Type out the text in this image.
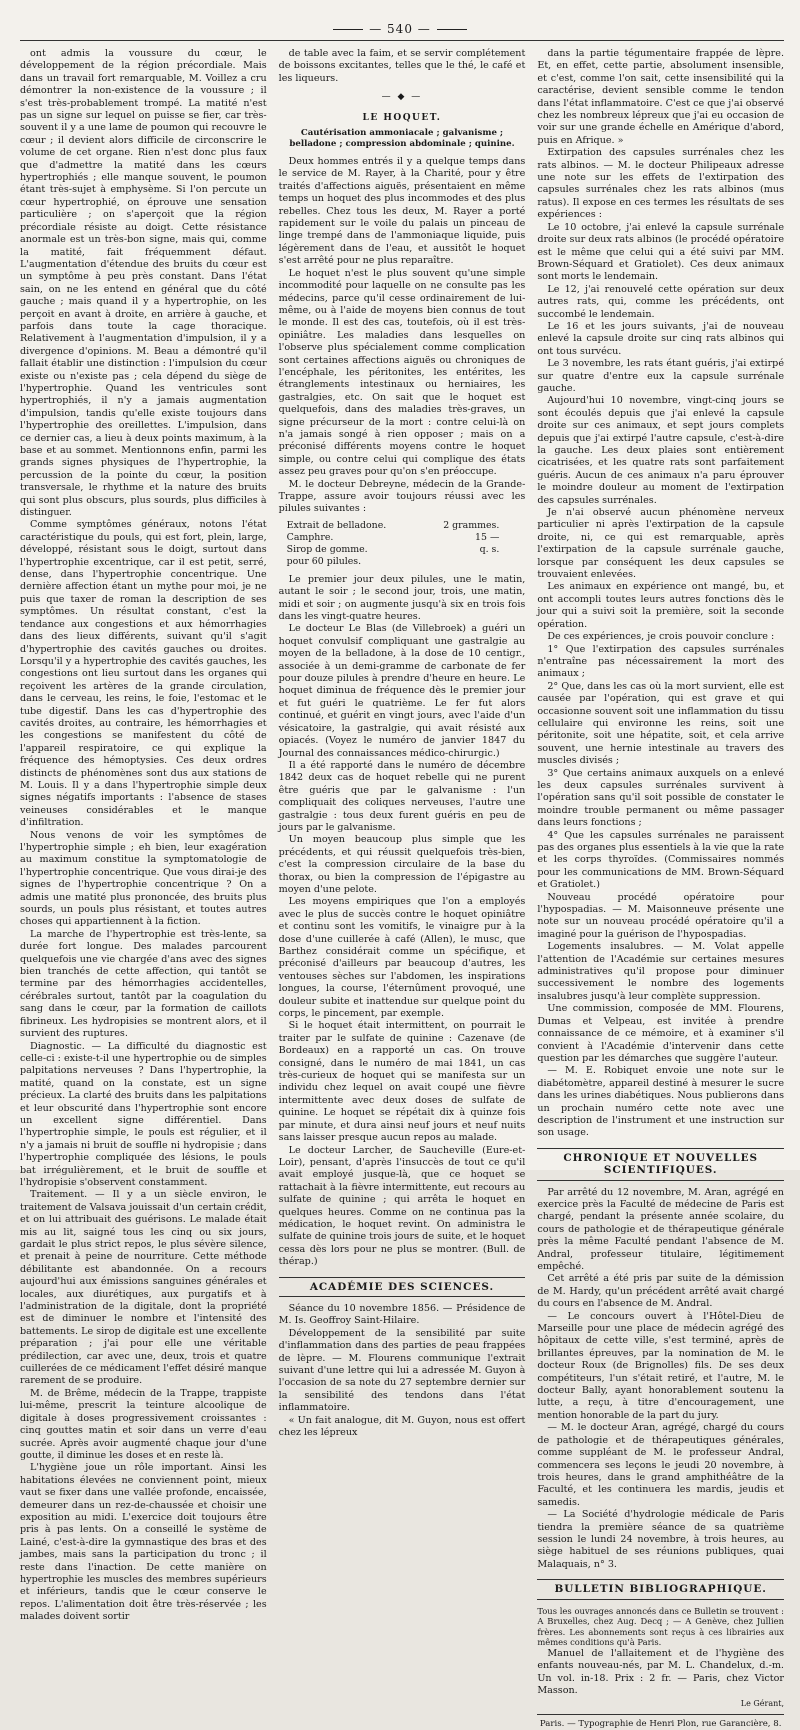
— 540 —

ont admis la voussure du cœur, le développement de la région précordiale. Mais dans un travail fort remarquable, M. Voillez a cru démontrer la non-existence de la voussure ; il s'est très-probablement trompé. La matité n'est pas un signe sur lequel on puisse se fier, car très-souvent il y a une lame de poumon qui recouvre le cœur ; il devient alors difficile de circonscrire le volume de cet organe. Rien n'est donc plus faux que d'admettre la matité dans les cœurs hypertrophiés ; elle manque souvent, le poumon étant très-sujet à emphysème. Si l'on percute un cœur hypertrophié, on éprouve une sensation particulière ; on s'aperçoit que la région précordiale résiste au doigt. Cette résistance anormale est un très-bon signe, mais qui, comme la matité, fait fréquemment défaut. L'augmentation d'étendue des bruits du cœur est un symptôme à peu près constant. Dans l'état sain, on ne les entend en général que du côté gauche ; mais quand il y a hypertrophie, on les perçoit en avant à droite, en arrière à gauche, et parfois dans toute la cage thoracique. Relativement à l'augmentation d'impulsion, il y a divergence d'opinions. M. Beau a démontré qu'il fallait établir une distinction : l'impulsion du cœur existe ou n'existe pas ; cela dépend du siège de l'hypertrophie. Quand les ventricules sont hypertrophiés, il n'y a jamais augmentation d'impulsion, tandis qu'elle existe toujours dans l'hypertrophie des oreillettes. L'impulsion, dans ce dernier cas, a lieu à deux points maximum, à la base et au sommet. Mentionnons enfin, parmi les grands signes physiques de l'hypertrophie, la percussion de la pointe du cœur, la position transversale, le rhythme et la nature des bruits qui sont plus obscurs, plus sourds, plus difficiles à distinguer.

Comme symptômes généraux, notons l'état caractéristique du pouls, qui est fort, plein, large, développé, résistant sous le doigt, surtout dans l'hypertrophie excentrique, car il est petit, serré, dense, dans l'hypertrophie concentrique. Une dernière affection étant un mythe pour moi, je ne puis que taxer de roman la description de ses symptômes. Un résultat constant, c'est la tendance aux congestions et aux hémorrhagies dans des lieux différents, suivant qu'il s'agit d'hypertrophie des cavités gauches ou droites. Lorsqu'il y a hypertrophie des cavités gauches, les congestions ont lieu surtout dans les organes qui reçoivent les artères de la grande circulation, dans le cerveau, les reins, le foie, l'estomac et le tube digestif. Dans les cas d'hypertrophie des cavités droites, au contraire, les hémorrhagies et les congestions se manifestent du côté de l'appareil respiratoire, ce qui explique la fréquence des hémoptysies. Ces deux ordres distincts de phénomènes sont dus aux stations de M. Louis. Il y a dans l'hypertrophie simple deux signes négatifs importants : l'absence de stases veineuses considérables et le manque d'infiltration.

Nous venons de voir les symptômes de l'hypertrophie simple ; eh bien, leur exagération au maximum constitue la symptomatologie de l'hypertrophie concentrique. Que vous dirai-je des signes de l'hypertrophie concentrique ? On a admis une matité plus prononcée, des bruits plus sourds, un pouls plus résistant, et toutes autres choses qui appartiennent à la fiction.

La marche de l'hypertrophie est très-lente, sa durée fort longue. Des malades parcourent quelquefois une vie chargée d'ans avec des signes bien tranchés de cette affection, qui tantôt se termine par des hémorrhagies accidentelles, cérébrales surtout, tantôt par la coagulation du sang dans le cœur, par la formation de caillots fibrineux. Les hydropisies se montrent alors, et il survient des ruptures.

Diagnostic. — La difficulté du diagnostic est celle-ci : existe-t-il une hypertrophie ou de simples palpitations nerveuses ? Dans l'hypertrophie, la matité, quand on la constate, est un signe précieux. La clarté des bruits dans les palpitations et leur obscurité dans l'hypertrophie sont encore un excellent signe différentiel. Dans l'hypertrophie simple, le pouls est régulier, et il n'y a jamais ni bruit de souffle ni hydropisie ; dans l'hypertrophie compliquée des lésions, le pouls bat irrégulièrement, et le bruit de souffle et l'hydropisie s'observent constamment.

Traitement. — Il y a un siècle environ, le traitement de Valsava jouissait d'un certain crédit, et on lui attribuait des guérisons. Le malade était mis au lit, saigné tous les cinq ou six jours, gardait le plus strict repos, le plus sévère silence, et prenait à peine de nourriture. Cette méthode débilitante est abandonnée. On a recours aujourd'hui aux émissions sanguines générales et locales, aux diurétiques, aux purgatifs et à l'administration de la digitale, dont la propriété est de diminuer le nombre et l'intensité des battements. Le sirop de digitale est une excellente préparation ; j'ai pour elle une véritable prédilection, car avec une, deux, trois et quatre cuillerées de ce médicament l'effet désiré manque rarement de se produire.

M. de Brême, médecin de la Trappe, trappiste lui-même, prescrit la teinture alcoolique de digitale à doses progressivement croissantes : cinq gouttes matin et soir dans un verre d'eau sucrée. Après avoir augmenté chaque jour d'une goutte, il diminue les doses et en reste là.

L'hygiène joue un rôle important. Ainsi les habitations élevées ne conviennent point, mieux vaut se fixer dans une vallée profonde, encaissée, demeurer dans un rez-de-chaussée et choisir une exposition au midi. L'exercice doit toujours être pris à pas lents. On a conseillé le système de Lainé, c'est-à-dire la gymnastique des bras et des jambes, mais sans la participation du tronc ; il reste dans l'inaction. De cette manière on hypertrophie les muscles des membres supérieurs et inférieurs, tandis que le cœur conserve le repos. L'alimentation doit être très-réservée ; les malades doivent sortir

de table avec la faim, et se servir complétement de boissons excitantes, telles que le thé, le café et les liqueurs.

— ◆ —
LE HOQUET.
Cautérisation ammoniacale ; galvanisme ; belladone ; compression abdominale ; quinine.

Deux hommes entrés il y a quelque temps dans le service de M. Rayer, à la Charité, pour y être traités d'affections aiguës, présentaient en même temps un hoquet des plus incommodes et des plus rebelles. Chez tous les deux, M. Rayer a porté rapidement sur le voile du palais un pinceau de linge trempé dans de l'ammoniaque liquide, puis légèrement dans de l'eau, et aussitôt le hoquet s'est arrêté pour ne plus reparaître.

Le hoquet n'est le plus souvent qu'une simple incommodité pour laquelle on ne consulte pas les médecins, parce qu'il cesse ordinairement de lui-même, ou à l'aide de moyens bien connus de tout le monde. Il est des cas, toutefois, où il est très-opiniâtre. Les maladies dans lesquelles on l'observe plus spécialement comme complication sont certaines affections aiguës ou chroniques de l'encéphale, les péritonites, les entérites, les étranglements intestinaux ou herniaires, les gastralgies, etc. On sait que le hoquet est quelquefois, dans des maladies très-graves, un signe précurseur de la mort : contre celui-là on n'a jamais songé à rien opposer ; mais on a préconisé différents moyens contre le hoquet simple, ou contre celui qui complique des états assez peu graves pour qu'on s'en préoccupe.

M. le docteur Debreyne, médecin de la Grande-Trappe, assure avoir toujours réussi avec les pilules suivantes :

Extrait de belladone.	2 grammes.
Camphre.	15 —
Sirop de gomme.	q. s.
pour 60 pilules.

Le premier jour deux pilules, une le matin, autant le soir ; le second jour, trois, une matin, midi et soir ; on augmente jusqu'à six en trois fois dans les vingt-quatre heures.

Le docteur Le Blas (de Villebroek) a guéri un hoquet convulsif compliquant une gastralgie au moyen de la belladone, à la dose de 10 centigr., associée à un demi-gramme de carbonate de fer pour douze pilules à prendre d'heure en heure. Le hoquet diminua de fréquence dès le premier jour et fut guéri le quatrième. Le fer fut alors continué, et guérit en vingt jours, avec l'aide d'un vésicatoire, la gastralgie, qui avait résisté aux opiacés. (Voyez le numéro de janvier 1847 du Journal des connaissances médico-chirurgic.)

Il a été rapporté dans le numéro de décembre 1842 deux cas de hoquet rebelle qui ne purent être guéris que par le galvanisme : l'un compliquait des coliques nerveuses, l'autre une gastralgie : tous deux furent guéris en peu de jours par le galvanisme.

Un moyen beaucoup plus simple que les précédents, et qui réussit quelquefois très-bien, c'est la compression circulaire de la base du thorax, ou bien la compression de l'épigastre au moyen d'une pelote.

Les moyens empiriques que l'on a employés avec le plus de succès contre le hoquet opiniâtre et continu sont les vomitifs, le vinaigre pur à la dose d'une cuillerée à café (Allen), le musc, que Barthez considérait comme un spécifique, et préconisé d'ailleurs par beaucoup d'autres, les ventouses sèches sur l'abdomen, les inspirations longues, la course, l'éternûment provoqué, une douleur subite et inattendue sur quelque point du corps, le pincement, par exemple.

Si le hoquet était intermittent, on pourrait le traiter par le sulfate de quinine : Cazenave (de Bordeaux) en a rapporté un cas. On trouve consigné, dans le numéro de mai 1841, un cas très-curieux de hoquet qui se manifesta sur un individu chez lequel on avait coupé une fièvre intermittente avec deux doses de sulfate de quinine. Le hoquet se répétait dix à quinze fois par minute, et dura ainsi neuf jours et neuf nuits sans laisser presque aucun repos au malade.

Le docteur Larcher, de Saucheville (Eure-et-Loir), pensant, d'après l'insuccès de tout ce qu'il avait employé jusque-là, que ce hoquet se rattachait à la fièvre intermittente, eut recours au sulfate de quinine ; qui arrêta le hoquet en quelques heures. Comme on ne continua pas la médication, le hoquet revint. On administra le sulfate de quinine trois jours de suite, et le hoquet cessa dès lors pour ne plus se montrer. (Bull. de thérap.)

ACADÉMIE DES SCIENCES.

Séance du 10 novembre 1856. — Présidence de M. Is. Geoffroy Saint-Hilaire.

Développement de la sensibilité par suite d'inflammation dans des parties de peau frappées de lèpre. — M. Flourens communique l'extrait suivant d'une lettre qui lui a adressée M. Guyon à l'occasion de sa note du 27 septembre dernier sur la sensibilité des tendons dans l'état inflammatoire.

« Un fait analogue, dit M. Guyon, nous est offert chez les lépreux

dans la partie tégumentaire frappée de lèpre. Et, en effet, cette partie, absolument insensible, et c'est, comme l'on sait, cette insensibilité qui la caractérise, devient sensible comme le tendon dans l'état inflammatoire. C'est ce que j'ai observé chez les nombreux lépreux que j'ai eu occasion de voir sur une grande échelle en Amérique d'abord, puis en Afrique. »

Extirpation des capsules surrénales chez les rats albinos. — M. le docteur Philipeaux adresse une note sur les effets de l'extirpation des capsules surrénales chez les rats albinos (mus ratus). Il expose en ces termes les résultats de ses expériences :

Le 10 octobre, j'ai enlevé la capsule surrénale droite sur deux rats albinos (le procédé opératoire est le même que celui qui a été suivi par MM. Brown-Séquard et Gratiolet). Ces deux animaux sont morts le lendemain.

Le 12, j'ai renouvelé cette opération sur deux autres rats, qui, comme les précédents, ont succombé le lendemain.

Le 16 et les jours suivants, j'ai de nouveau enlevé la capsule droite sur cinq rats albinos qui ont tous survécu.

Le 3 novembre, les rats étant guéris, j'ai extirpé sur quatre d'entre eux la capsule surrénale gauche.

Aujourd'hui 10 novembre, vingt-cinq jours se sont écoulés depuis que j'ai enlevé la capsule droite sur ces animaux, et sept jours complets depuis que j'ai extirpé l'autre capsule, c'est-à-dire la gauche. Les deux plaies sont entièrement cicatrisées, et les quatre rats sont parfaitement guéris. Aucun de ces animaux n'a paru éprouver le moindre douleur au moment de l'extirpation des capsules surrénales.

Je n'ai observé aucun phénomène nerveux particulier ni après l'extirpation de la capsule droite, ni, ce qui est remarquable, après l'extirpation de la capsule surrénale gauche, lorsque par conséquent les deux capsules se trouvaient enlevées.

Les animaux en expérience ont mangé, bu, et ont accompli toutes leurs autres fonctions dès le jour qui a suivi soit la première, soit la seconde opération.

De ces expériences, je crois pouvoir conclure :

1° Que l'extirpation des capsules surrénales n'entraîne pas nécessairement la mort des animaux ;

2° Que, dans les cas où la mort survient, elle est causée par l'opération, qui est grave et qui occasionne souvent soit une inflammation du tissu cellulaire qui environne les reins, soit une péritonite, soit une hépatite, soit, et cela arrive souvent, une hernie intestinale au travers des muscles divisés ;

3° Que certains animaux auxquels on a enlevé les deux capsules surrénales survivent à l'opération sans qu'il soit possible de constater le moindre trouble permanent ou même passager dans leurs fonctions ;

4° Que les capsules surrénales ne paraissent pas des organes plus essentiels à la vie que la rate et les corps thyroïdes. (Commissaires nommés pour les communications de MM. Brown-Séquard et Gratiolet.)

Nouveau procédé opératoire pour l'hypospadias. — M. Maisonneuve présente une note sur un nouveau procédé opératoire qu'il a imaginé pour la guérison de l'hypospadias.

Logements insalubres. — M. Volat appelle l'attention de l'Académie sur certaines mesures administratives qu'il propose pour diminuer successivement le nombre des logements insalubres jusqu'à leur complète suppression.

Une commission, composée de MM. Flourens, Dumas et Velpeau, est invitée à prendre connaissance de ce mémoire, et à examiner s'il convient à l'Académie d'intervenir dans cette question par les démarches que suggère l'auteur.

— M. E. Robiquet envoie une note sur le diabétomètre, appareil destiné à mesurer le sucre dans les urines diabétiques. Nous publierons dans un prochain numéro cette note avec une description de l'instrument et une instruction sur son usage.

CHRONIQUE ET NOUVELLES SCIENTIFIQUES.

Par arrêté du 12 novembre, M. Aran, agrégé en exercice près la Faculté de médecine de Paris est chargé, pendant la présente année scolaire, du cours de pathologie et de thérapeutique générale près la même Faculté pendant l'absence de M. Andral, professeur titulaire, légitimement empêché.

Cet arrêté a été pris par suite de la démission de M. Hardy, qu'un précédent arrêté avait chargé du cours en l'absence de M. Andral.

— Le concours ouvert à l'Hôtel-Dieu de Marseille pour une place de médecin agrégé des hôpitaux de cette ville, s'est terminé, après de brillantes épreuves, par la nomination de M. le docteur Roux (de Brignolles) fils. De ses deux compétiteurs, l'un s'était retiré, et l'autre, M. le docteur Bally, ayant honorablement soutenu la lutte, a reçu, à titre d'encouragement, une mention honorable de la part du jury.

— M. le docteur Aran, agrégé, chargé du cours de pathologie et de thérapeutiques générales, comme suppléant de M. le professeur Andral, commencera ses leçons le jeudi 20 novembre, à trois heures, dans le grand amphithéâtre de la Faculté, et les continuera les mardis, jeudis et samedis.

— La Société d'hydrologie médicale de Paris tiendra la première séance de sa quatrième session le lundi 24 novembre, à trois heures, au siège habituel de ses réunions publiques, quai Malaquais, n° 3.

BULLETIN BIBLIOGRAPHIQUE.

Tous les ouvrages annoncés dans ce Bulletin se trouvent : A Bruxelles, chez Aug. Decq ; — A Genève, chez Jullien frères. Les abonnements sont reçus à ces librairies aux mêmes conditions qu'à Paris.

Manuel de l'allaitement et de l'hygiène des enfants nouveau-nés, par M. L. Chandelux, d.-m. Un vol. in-18. Prix : 2 fr. — Paris, chez Victor Masson.

Le Gérant,
Paris. — Typographie de Henri Plon, rue Garancière, 8.
